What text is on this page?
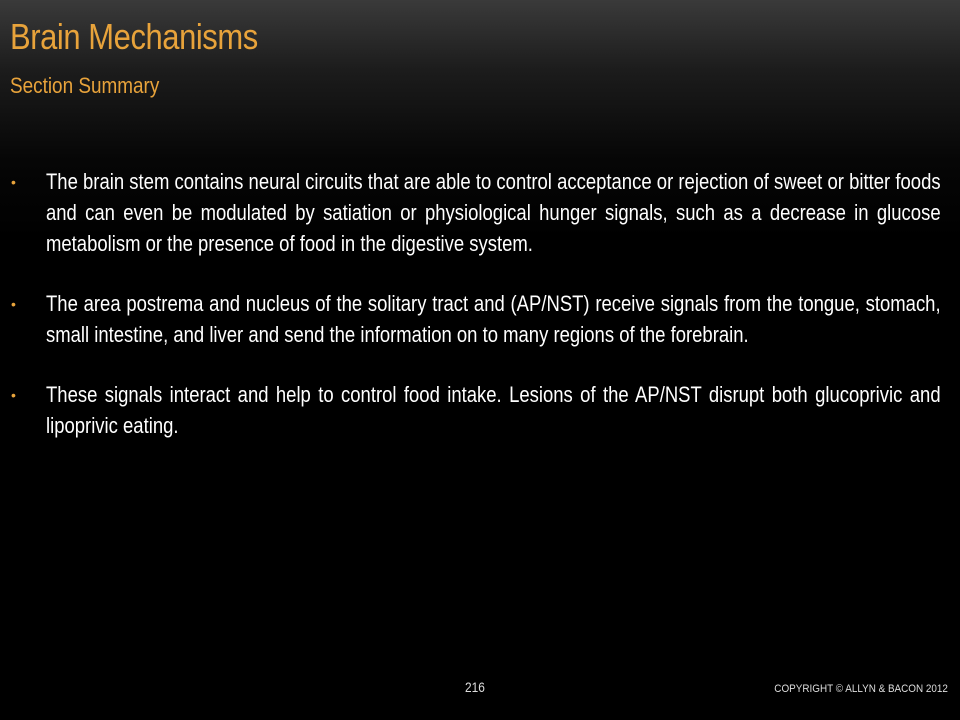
Brain Mechanisms
Section Summary
• The brain stem contains neural circuits that are able to control acceptance or rejection of sweet or bitter foods and can even be modulated by satiation or physiological hunger signals, such as a decrease in glucose metabolism or the presence of food in the digestive system.
• The area postrema and nucleus of the solitary tract and (AP/NST) receive signals from the tongue, stomach, small intestine, and liver and send the information on to many regions of the forebrain.
• These signals interact and help to control food intake. Lesions of the AP/NST disrupt both glucoprivic and lipoprivic eating.
216	COPYRIGHT © ALLYN & BACON 2012
